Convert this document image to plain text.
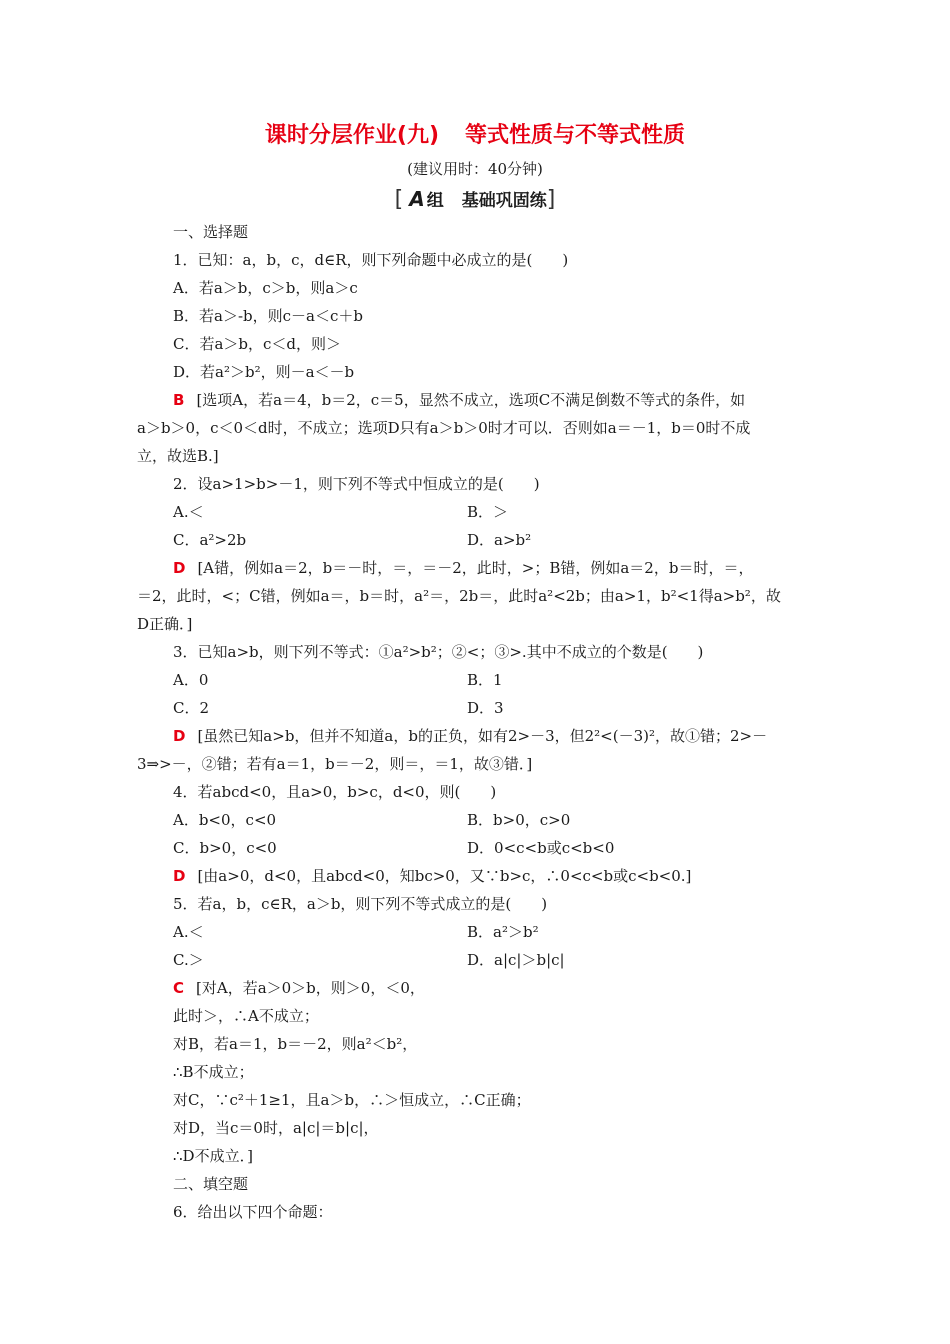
课时分层作业(九) 等式性质与不等式性质
(建议用时：40分钟)
[ A 组 基础巩固练]
一、选择题
1．已知：a，b，c，d∈R，则下列命题中必成立的是(　　)
A．若a＞b，c＞b，则a＞c
B．若a＞-b，则c－a＜c＋b
C．若a＞b，c＜d，则＞
D．若a²＞b²，则－a＜－b
B [选项A，若a＝4，b＝2，c＝5，显然不成立，选项C不满足倒数不等式的条件，如
a＞b＞0，c＜0＜d时，不成立；选项D只有a＞b＞0时才可以．否则如a＝－1，b＝0时不成
立，故选B.]
2．设a>1>b>－1，则下列不等式中恒成立的是(　　)
A.＜	B．＞
C．a²>2b	D．a>b²
D [A错，例如a＝2，b＝－时，＝，＝－2，此时，>；B错，例如a＝2，b＝时，＝，
＝2，此时，<；C错，例如a＝，b＝时，a²＝，2b＝，此时a²<2b；由a>1，b²<1得a>b²，故
D正确．]
3．已知a>b，则下列不等式：①a²>b²；②<；③>.其中不成立的个数是(　　)
A．0	B．1
C．2	D．3
D [虽然已知a>b，但并不知道a，b的正负，如有2>－3，但2²<(－3)²，故①错；2>－
3⇒>－，②错；若有a＝1，b＝－2，则＝，＝1，故③错．]
4．若abcd<0，且a>0，b>c，d<0，则(　　)
A．b<0，c<0	B．b>0，c>0
C．b>0，c<0	D．0<c<b或c<b<0
D [由a>0，d<0，且abcd<0，知bc>0，又∵b>c，∴0<c<b或c<b<0.]
5．若a，b，c∈R，a＞b，则下列不等式成立的是(　　)
A.＜	B．a²＞b²
C.＞	D．a|c|＞b|c|
C [对A，若a＞0＞b，则＞0，＜0，
此时＞，∴A不成立；
对B，若a＝1，b＝－2，则a²＜b²，
∴B不成立；
对C，∵c²＋1≥1，且a＞b，∴＞恒成立，∴C正确；
对D，当c＝0时，a|c|＝b|c|，
∴D不成立．]
二、填空题
6．给出以下四个命题：
